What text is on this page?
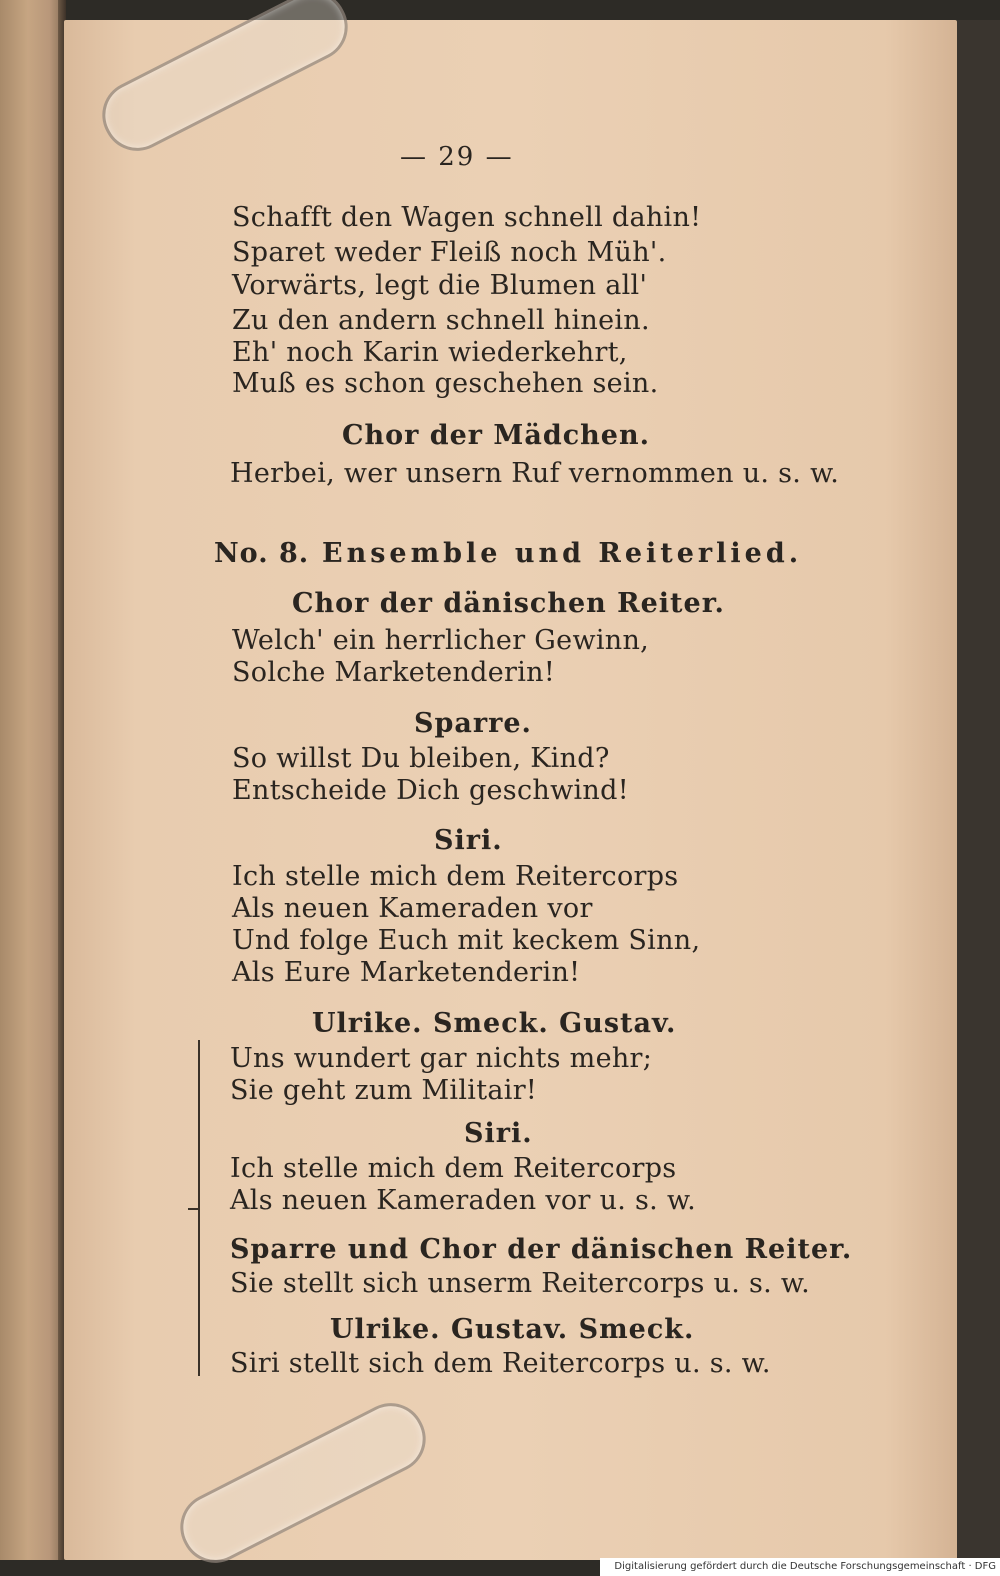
— 29 —
Schafft den Wagen schnell dahin!
Sparet weder Fleiß noch Müh'.
Vorwärts, legt die Blumen all'
Zu den andern schnell hinein.
Eh' noch Karin wiederkehrt,
Muß es schon geschehen sein.
Chor der Mädchen.
Herbei, wer unsern Ruf vernommen u. s. w.
No. 8. Ensemble und Reiterlied.
Chor der dänischen Reiter.
Welch' ein herrlicher Gewinn,
Solche Marketenderin!
Sparre.
So willst Du bleiben, Kind?
Entscheide Dich geschwind!
Siri.
Ich stelle mich dem Reitercorps
Als neuen Kameraden vor
Und folge Euch mit keckem Sinn,
Als Eure Marketenderin!
Ulrike. Smeck. Gustav.
Uns wundert gar nichts mehr;
Sie geht zum Militair!
Siri.
Ich stelle mich dem Reitercorps
Als neuen Kameraden vor u. s. w.
Sparre und Chor der dänischen Reiter.
Sie stellt sich unserm Reitercorps u. s. w.
Ulrike. Gustav. Smeck.
Siri stellt sich dem Reitercorps u. s. w.
Digitalisierung gefördert durch die Deutsche Forschungsgemeinschaft · DFG
